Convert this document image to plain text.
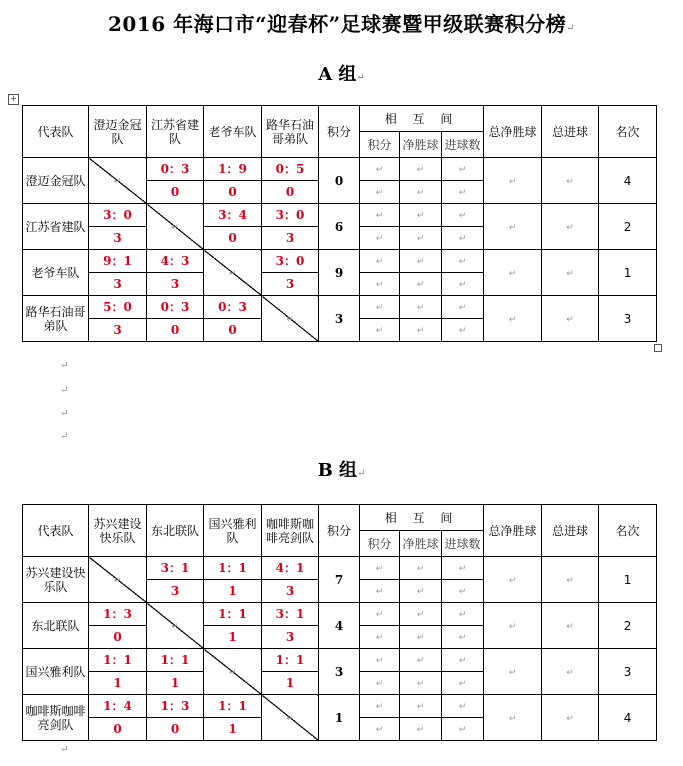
2016 年海口市“迎春杯”足球赛暨甲级联赛积分榜↵
+
A 组↵
代表队	澄迈金冠队	江苏省建队	老爷车队	路华石油哥弟队	积分	相 互 间			总净胜球	总进球	名次
						积分	净胜球	进球数			
澄迈金冠队	↵	0：3	1：9	0：5	0	↵	↵	↵	↵	↵	4
		0	0	0		↵	↵	↵			
江苏省建队	3：0	↵	3：4	3：0	6	↵	↵	↵	↵	↵	2
	3		0	3		↵	↵	↵			
老爷车队	9：1	4：3	↵	3：0	9	↵	↵	↵	↵	↵	1
	3	3		3		↵	↵	↵			
路华石油哥弟队	5：0	0：3	0：3	↵	3	↵	↵	↵	↵	↵	3
	3	0	0			↵	↵	↵			
↵
↵
↵
↵
B 组↵
代表队	苏兴建设快乐队	东北联队	国兴雅利队	咖啡斯咖啡亮剑队	积分	相 互 间			总净胜球	总进球	名次
						积分	净胜球	进球数			
苏兴建设快乐队	↵	3：1	1：1	4：1	7	↵	↵	↵	↵	↵	1
		3	1	3		↵	↵	↵			
东北联队	1：3	↵	1：1	3：1	4	↵	↵	↵	↵	↵	2
	0		1	3		↵	↵	↵			
国兴雅利队	1：1	1：1	↵	1：1	3	↵	↵	↵	↵	↵	3
	1	1		1		↵	↵	↵			
咖啡斯咖啡亮剑队	1：4	1：3	1：1	↵	1	↵	↵	↵	↵	↵	4
	0	0	1			↵	↵	↵			
↵
